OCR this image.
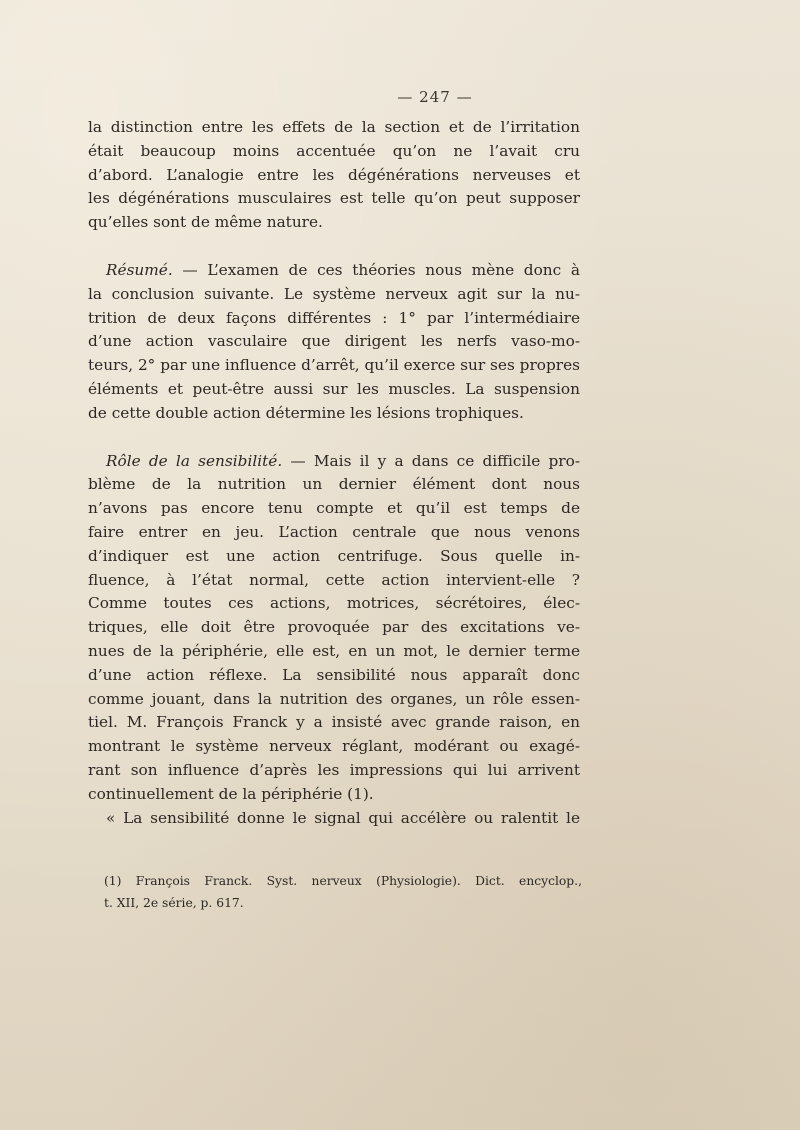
— 247 —
la distinction entre les effets de la section et de l’irritation
était beaucoup moins accentuée qu’on ne l’avait cru
d’abord. L’analogie entre les dégénérations nerveuses et
les dégénérations musculaires est telle qu’on peut supposer
qu’elles sont de même nature.
Résumé. — L’examen de ces théories nous mène donc à
la conclusion suivante. Le système nerveux agit sur la nu-
trition de deux façons différentes : 1° par l’intermédiaire
d’une action vasculaire que dirigent les nerfs vaso-mo-
teurs, 2° par une influence d’arrêt, qu’il exerce sur ses propres
éléments et peut-être aussi sur les muscles. La suspension
de cette double action détermine les lésions trophiques.
Rôle de la sensibilité. — Mais il y a dans ce difficile pro-
blème de la nutrition un dernier élément dont nous
n’avons pas encore tenu compte et qu’il est temps de
faire entrer en jeu. L’action centrale que nous venons
d’indiquer est une action centrifuge. Sous quelle in-
fluence, à l’état normal, cette action intervient-elle ?
Comme toutes ces actions, motrices, sécrétoires, élec-
triques, elle doit être provoquée par des excitations ve-
nues de la périphérie, elle est, en un mot, le dernier terme
d’une action réflexe. La sensibilité nous apparaît donc
comme jouant, dans la nutrition des organes, un rôle essen-
tiel. M. François Franck y a insisté avec grande raison, en
montrant le système nerveux réglant, modérant ou exagé-
rant son influence d’après les impressions qui lui arrivent
continuellement de la périphérie (1).
« La sensibilité donne le signal qui accélère ou ralentit le
(1) François Franck. Syst. nerveux (Physiologie). Dict. encyclop.,
t. XII, 2e série, p. 617.
